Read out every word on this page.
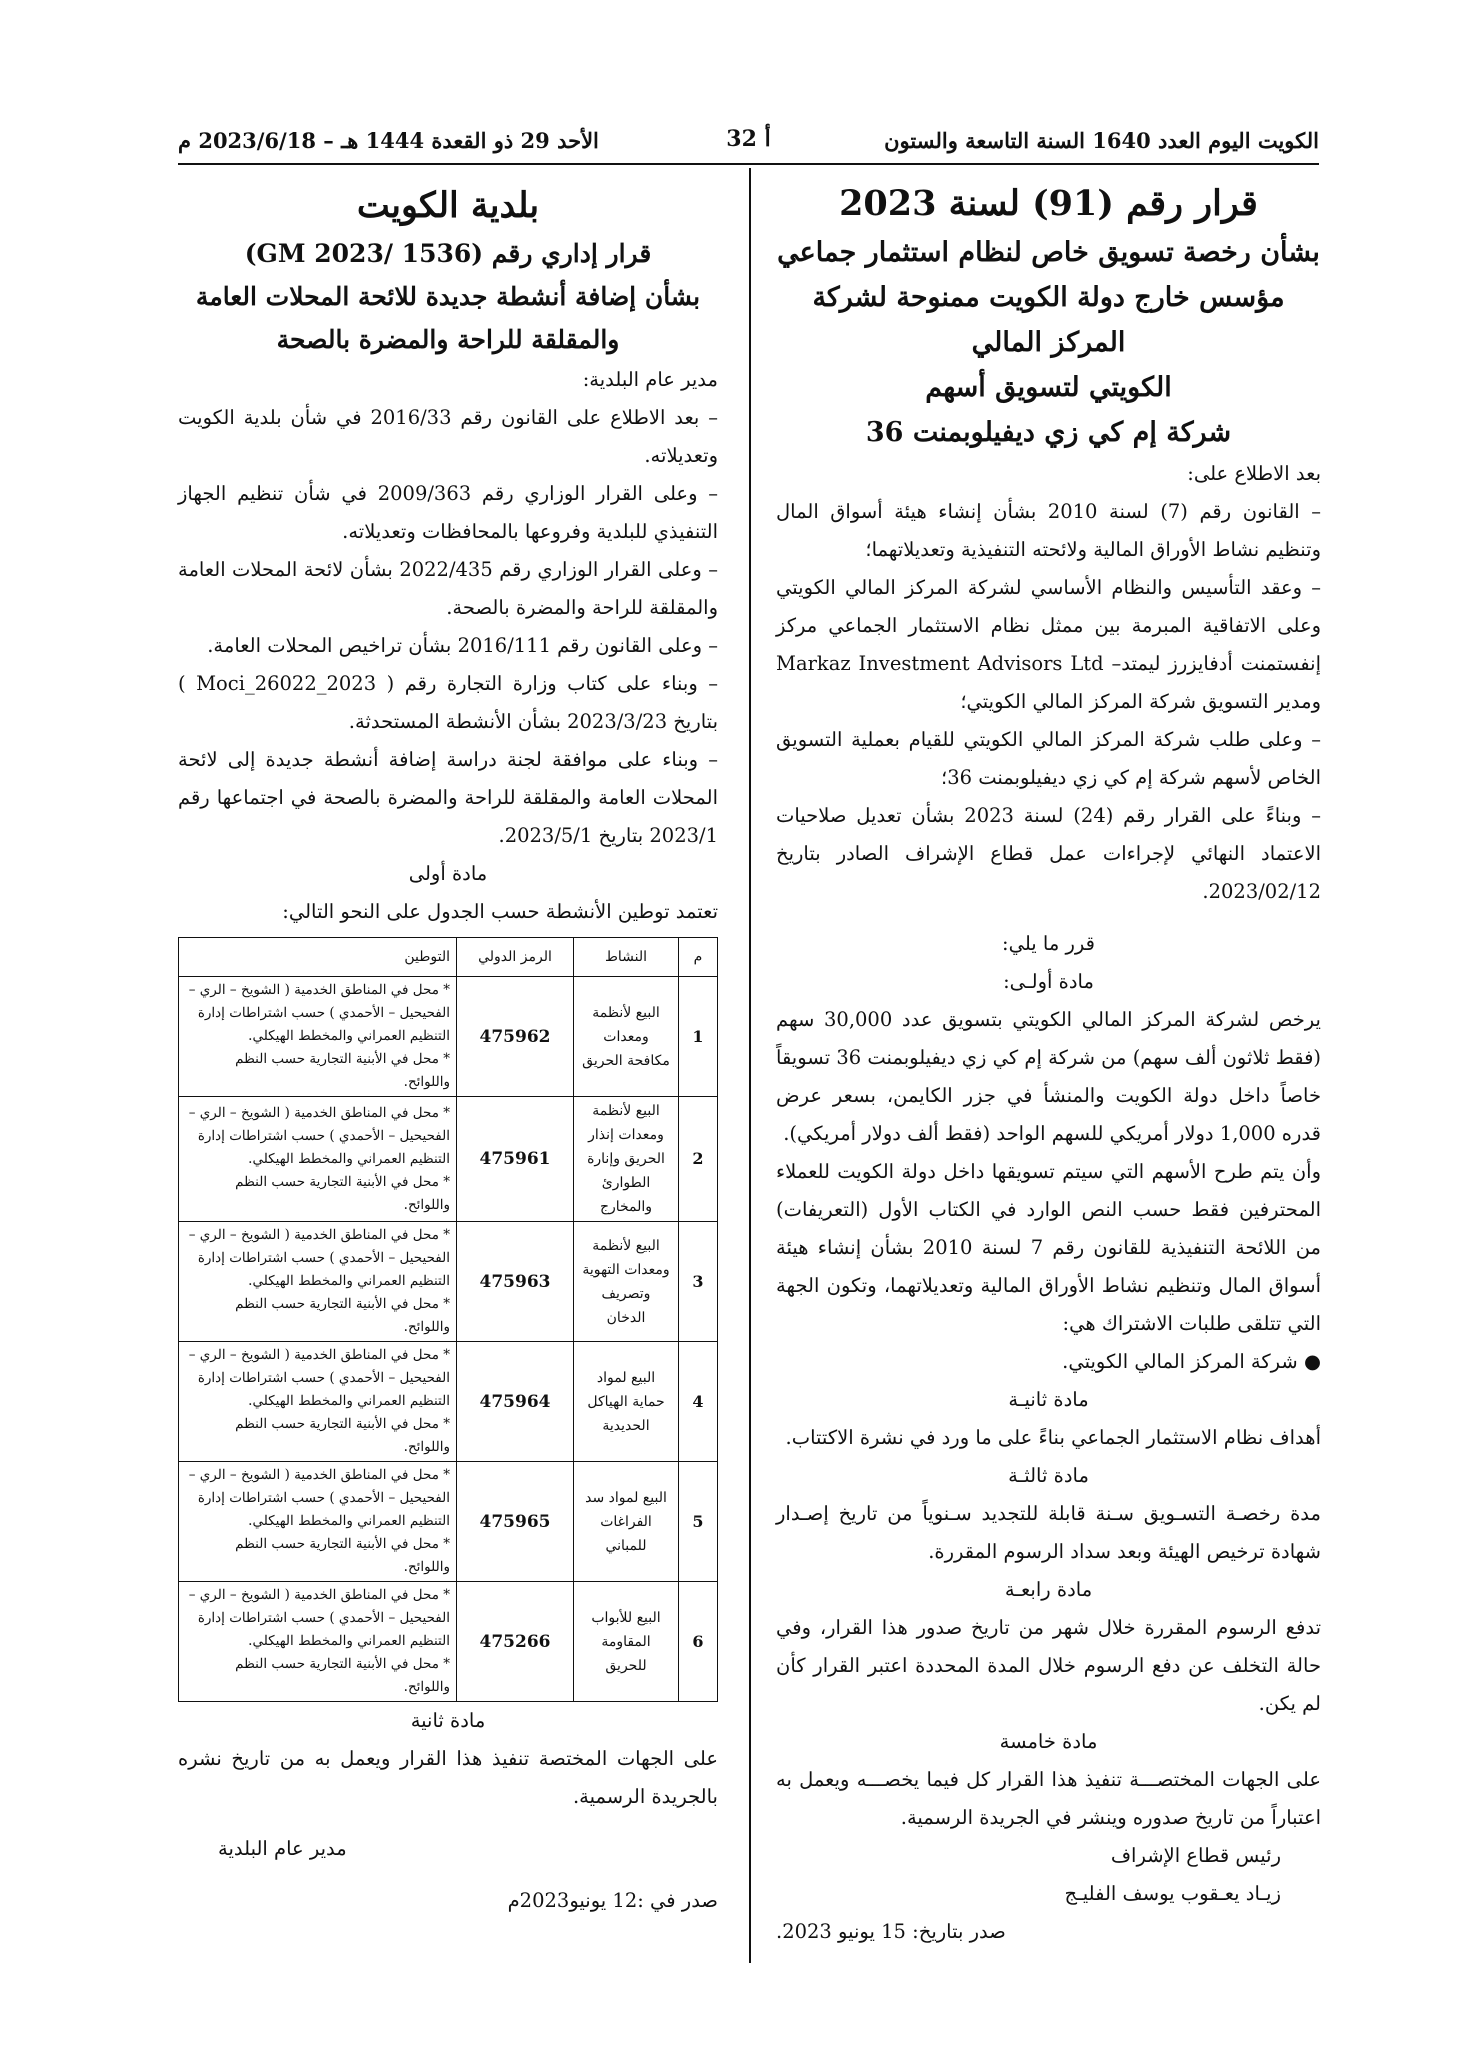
الكويت اليوم العدد 1640 السنة التاسعة والستون
أ 32
الأحد 29 ذو القعدة 1444 هـ – 2023/6/18 م
قرار رقم (91) لسنة 2023
بشأن رخصة تسويق خاص لنظام استثمار جماعي
مؤسس خارج دولة الكويت ممنوحة لشركة المركز المالي
الكويتي لتسويق أسهم
شركة إم كي زي ديفيلوبمنت 36

بعد الاطلاع على:

– القانون رقم (7) لسنة 2010 بشأن إنشاء هيئة أسواق المال وتنظيم نشاط الأوراق المالية ولائحته التنفيذية وتعديلاتهما؛

– وعقد التأسيس والنظام الأساسي لشركة المركز المالي الكويتي وعلى الاتفاقية المبرمة بين ممثل نظام الاستثمار الجماعي مركز إنفستمنت أدفايزرز ليمتد– Markaz Investment Advisors Ltd ومدير التسويق شركة المركز المالي الكويتي؛

– وعلى طلب شركة المركز المالي الكويتي للقيام بعملية التسويق الخاص لأسهم شركة إم كي زي ديفيلوبمنت 36؛

– وبناءً على القرار رقم (24) لسنة 2023 بشأن تعديل صلاحيات الاعتماد النهائي لإجراءات عمل قطاع الإشراف الصادر بتاريخ 2023/02/12.

قرر ما يلي:
مادة أولـى:

يرخص لشركة المركز المالي الكويتي بتسويق عدد 30,000 سهم (فقط ثلاثون ألف سهم) من شركة إم كي زي ديفيلوبمنت 36 تسويقاً خاصاً داخل دولة الكويت والمنشأ في جزر الكايمن، بسعر عرض قدره 1,000 دولار أمريكي للسهم الواحد (فقط ألف دولار أمريكي).

وأن يتم طرح الأسهم التي سيتم تسويقها داخل دولة الكويت للعملاء المحترفين فقط حسب النص الوارد في الكتاب الأول (التعريفات) من اللائحة التنفيذية للقانون رقم 7 لسنة 2010 بشأن إنشاء هيئة أسواق المال وتنظيم نشاط الأوراق المالية وتعديلاتهما، وتكون الجهة التي تتلقى طلبات الاشتراك هي:

● شركة المركز المالي الكويتي.

مادة ثانيـة

أهداف نظام الاستثمار الجماعي بناءً على ما ورد في نشرة الاكتتاب.

مادة ثالثـة

مدة رخصـة التسـويق سـنة قابلة للتجديد سـنوياً من تاريخ إصـدار شهادة ترخيص الهيئة وبعد سداد الرسوم المقررة.

مادة رابعـة

تدفع الرسوم المقررة خلال شهر من تاريخ صدور هذا القرار، وفي حالة التخلف عن دفع الرسوم خلال المدة المحددة اعتبر القرار كأن لم يكن.

مادة خامسة

على الجهات المختصـــة تنفيذ هذا القرار كل فيما يخصـــه ويعمل به اعتباراً من تاريخ صدوره وينشر في الجريدة الرسمية.

رئيس قطاع الإشراف
زيـاد يعـقوب يوسف الفليـج
صدر بتاريخ: 15 يونيو 2023.
بلدية الكويت
قرار إداري رقم (GM 2023/ 1536)
بشأن إضافة أنشطة جديدة للائحة المحلات العامة
والمقلقة للراحة والمضرة بالصحة

مدير عام البلدية:

– بعد الاطلاع على القانون رقم 2016/33 في شأن بلدية الكويت وتعديلاته.

– وعلى القرار الوزاري رقم 2009/363 في شأن تنظيم الجهاز التنفيذي للبلدية وفروعها بالمحافظات وتعديلاته.

– وعلى القرار الوزاري رقم 2022/435 بشأن لائحة المحلات العامة والمقلقة للراحة والمضرة بالصحة.

– وعلى القانون رقم 2016/111 بشأن تراخيص المحلات العامة.

– وبناء على كتاب وزارة التجارة رقم ( Moci_26022_2023 ) بتاريخ 2023/3/23 بشأن الأنشطة المستحدثة.

– وبناء على موافقة لجنة دراسة إضافة أنشطة جديدة إلى لائحة المحلات العامة والمقلقة للراحة والمضرة بالصحة في اجتماعها رقم 2023/1 بتاريخ 2023/5/1.

مادة أولى

تعتمد توطين الأنشطة حسب الجدول على النحو التالي:

م	النشاط	الرمز الدولي	التوطين
1	البيع لأنظمة ومعدات مكافحة الحريق	475962	* محل في المناطق الخدمية ( الشويخ – الري – الفحيحيل – الأحمدي ) حسب اشتراطات إدارة التنظيم العمراني والمخطط الهيكلي.
* محل في الأبنية التجارية حسب النظم واللوائح.

2	البيع لأنظمة ومعدات إنذار الحريق وإنارة الطوارئ والمخارج	475961	* محل في المناطق الخدمية ( الشويخ – الري – الفحيحيل – الأحمدي ) حسب اشتراطات إدارة التنظيم العمراني والمخطط الهيكلي.
* محل في الأبنية التجارية حسب النظم واللوائح.

3	البيع لأنظمة ومعدات التهوية وتصريف الدخان	475963	* محل في المناطق الخدمية ( الشويخ – الري – الفحيحيل – الأحمدي ) حسب اشتراطات إدارة التنظيم العمراني والمخطط الهيكلي.
* محل في الأبنية التجارية حسب النظم واللوائح.

4	البيع لمواد حماية الهياكل الحديدية	475964	* محل في المناطق الخدمية ( الشويخ – الري – الفحيحيل – الأحمدي ) حسب اشتراطات إدارة التنظيم العمراني والمخطط الهيكلي.
* محل في الأبنية التجارية حسب النظم واللوائح.

5	البيع لمواد سد الفراغات للمباني	475965	* محل في المناطق الخدمية ( الشويخ – الري – الفحيحيل – الأحمدي ) حسب اشتراطات إدارة التنظيم العمراني والمخطط الهيكلي.
* محل في الأبنية التجارية حسب النظم واللوائح.

6	البيع للأبواب المقاومة للحريق	475266	* محل في المناطق الخدمية ( الشويخ – الري – الفحيحيل – الأحمدي ) حسب اشتراطات إدارة التنظيم العمراني والمخطط الهيكلي.
* محل في الأبنية التجارية حسب النظم واللوائح.
مادة ثانية

على الجهات المختصة تنفيذ هذا القرار ويعمل به من تاريخ نشره بالجريدة الرسمية.

مدير عام البلدية
صدر في :12 يونيو2023م
